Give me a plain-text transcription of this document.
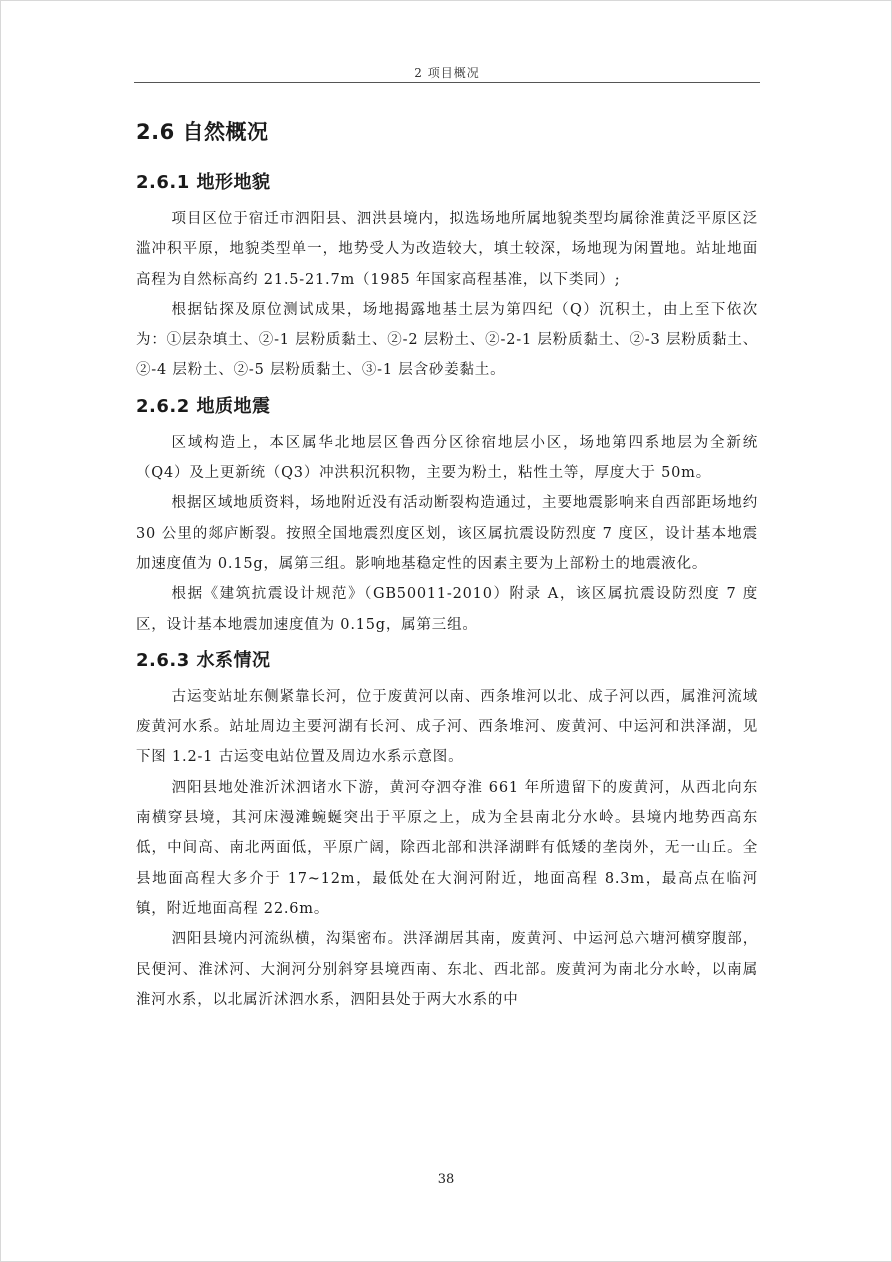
2 项目概况
2.6 自然概况
2.6.1 地形地貌

项目区位于宿迁市泗阳县、泗洪县境内，拟选场地所属地貌类型均属徐淮黄泛平原区泛滥冲积平原，地貌类型单一，地势受人为改造较大，填土较深，场地现为闲置地。站址地面高程为自然标高约 21.5-21.7m（1985 年国家高程基准，以下类同）;

根据钻探及原位测试成果，场地揭露地基土层为第四纪（Q）沉积土，由上至下依次为：①层杂填土、②-1 层粉质黏土、②-2 层粉土、②-2-1 层粉质黏土、②-3 层粉质黏土、②-4 层粉土、②-5 层粉质黏土、③-1 层含砂姜黏土。

2.6.2 地质地震

区域构造上，本区属华北地层区鲁西分区徐宿地层小区，场地第四系地层为全新统（Q4）及上更新统（Q3）冲洪积沉积物，主要为粉土，粘性土等，厚度大于 50m。

根据区域地质资料，场地附近没有活动断裂构造通过，主要地震影响来自西部距场地约 30 公里的郯庐断裂。按照全国地震烈度区划，该区属抗震设防烈度 7 度区，设计基本地震加速度值为 0.15g，属第三组。影响地基稳定性的因素主要为上部粉土的地震液化。

根据《建筑抗震设计规范》（GB50011-2010）附录 A，该区属抗震设防烈度 7 度区，设计基本地震加速度值为 0.15g，属第三组。

2.6.3 水系情况

古运变站址东侧紧靠长河，位于废黄河以南、西条堆河以北、成子河以西，属淮河流域废黄河水系。站址周边主要河湖有长河、成子河、西条堆河、废黄河、中运河和洪泽湖，见下图 1.2-1 古运变电站位置及周边水系示意图。

泗阳县地处淮沂沭泗诸水下游，黄河夺泗夺淮 661 年所遗留下的废黄河，从西北向东南横穿县境，其河床漫滩蜿蜒突出于平原之上，成为全县南北分水岭。县境内地势西高东低，中间高、南北两面低，平原广阔，除西北部和洪泽湖畔有低矮的垄岗外，无一山丘。全县地面高程大多介于 17~12m，最低处在大涧河附近，地面高程 8.3m，最高点在临河镇，附近地面高程 22.6m。

泗阳县境内河流纵横，沟渠密布。洪泽湖居其南，废黄河、中运河总六塘河横穿腹部，民便河、淮沭河、大涧河分别斜穿县境西南、东北、西北部。废黄河为南北分水岭，以南属淮河水系，以北属沂沭泗水系，泗阳县处于两大水系的中

38
